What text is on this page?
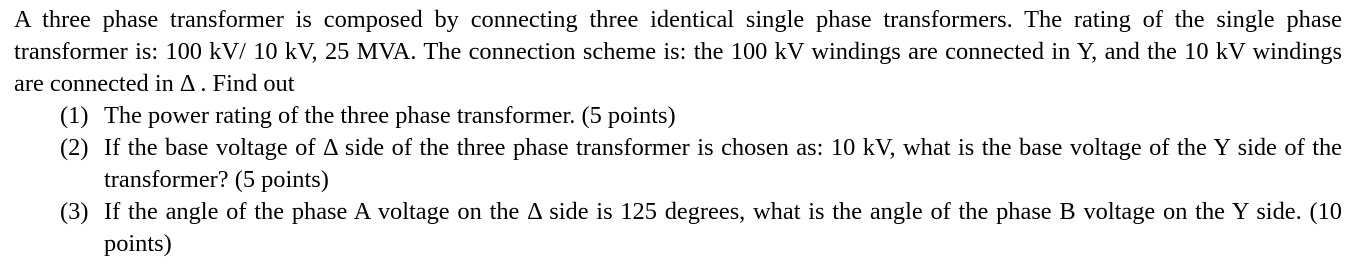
A three phase transformer is composed by connecting three identical single phase transformers. The rating of the single phase transformer is: 100 kV/ 10 kV, 25 MVA. The connection scheme is: the 100 kV windings are connected in Y, and the 10 kV windings are connected in Δ . Find out

(1) The power rating of the three phase transformer. (5 points)
(2) If the base voltage of Δ side of the three phase transformer is chosen as: 10 kV, what is the base voltage of the Y side of the transformer? (5 points)
(3) If the angle of the phase A voltage on the Δ side is 125 degrees, what is the angle of the phase B voltage on the Y side. (10 points)
